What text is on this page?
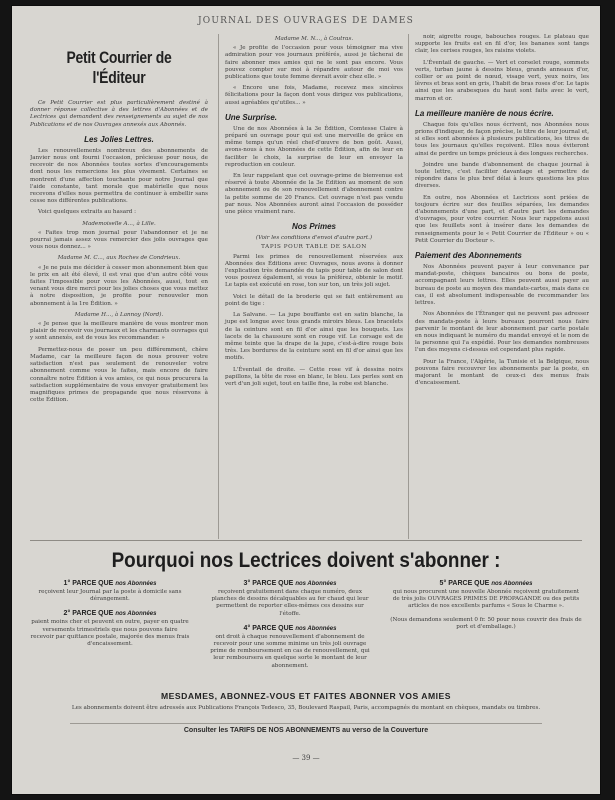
JOURNAL DES OUVRAGES DE DAMES
Petit Courrier de l'Éditeur
Ce Petit Courrier est plus particulièrement destiné à donner réponse collective à des lettres d'Abonnées et de Lectrices qui demandent des renseignements au sujet de nos Publications et de nos Ouvrages annexés aux Abonnés.
Les Jolies Lettres.
Les renouvellements nombreux des abonnements de Janvier nous ont fourni l'occasion, précieuse pour nous, de recevoir de nos Abonnées toutes sortes d'encouragements dont nous les remercions les plus vivement. Certaines se montrent d'une affection touchante pour notre Journal que l'aide constante, tant morale que matérielle que nous recevons d'elles nous permettra de continuer à embellir sans cesse nos différentes publications.
Voici quelques extraits au hasard :
Mademoiselle A..., à Lille.
« Faites trop mon journal pour l'abandonner et je ne pourrai jamais assez vous remercier des jolis ouvrages que vous nous donnez... »
Madame M. C..., aux Roches de Condrieux.
« Je ne puis me décider à cesser mon abonnement bien que le prix en ait été élevé, il est vrai que d'un autre côté vous faites l'impossible pour vous les Abonnées, aussi, tout en venant vous dire merci pour les jolies choses que vous mettez à notre disposition, je profite pour renouveler mon abonnement à la 1re Édition. »
Madame H..., à Lannoy (Nord).
« Je pense que la meilleure manière de vous montrer mon plaisir de recevoir vos journaux et les charmants ouvrages qui y sont annexés, est de vous les recommander. »
Permettez-nous de poser un peu différemment, chère Madame, car la meilleure façon de nous prouver votre satisfaction n'est pas seulement de renouveler votre abonnement comme vous le faites, mais encore de faire connaître notre Édition à vos amies, ce qui nous procurera la satisfaction supplémentaire de vous envoyer gratuitement les magnifiques primes de propagande que nous réservons à cette Édition.
Madame M. N..., à Coutras.
« Je profite de l'occasion pour vous témoigner ma vive admiration pour vos journaux préférés, aussi je tâcherai de faire abonner mes amies qui ne le sont pas encore. Vous pouvez compter sur moi à répandre autour de moi vos publications que toute femme devrait avoir chez elle. »
« Encore une fois, Madame, recevez mes sincères félicitations pour la façon dont vous dirigez vos publications, aussi agréables qu'utiles... »
Une Surprise.
Une de nos Abonnées à la 3e Édition, Comtesse Claire à préparé un ouvrage pour qui est une merveille de grâce en même temps qu'un réel chef-d'œuvre de bon goût. Aussi, avons-nous à nos Abonnées de cette Édition, afin de leur en faciliter le choix, la surprise de leur en envoyer la reproduction en couleur.
En leur rappelant que cet ouvrage-prime de bienvenue est réservé à toute Abonnée de la 3e Édition au moment de son abonnement ou de son renouvellement d'abonnement contre la petite somme de 20 Francs. Cet ouvrage n'est pas vendu par nous. Nos Abonnées auront ainsi l'occasion de posséder une pièce vraiment rare.
Nos Primes
(Voir les conditions d'envoi d'autre part.)
TAPIS POUR TABLE DE SALON
Parmi les primes de renouvellement réservées aux Abonnées des Éditions avec Ouvrages, nous avons à donner l'explication très demandée du tapis pour table de salon dont vous pouvez également, si vous la préférez, obtenir le motif. Le tapis est exécuté en rose, ton sur ton, un très joli sujet.
Voici le détail de la broderie qui se fait entièrement au point de tige :
La Salvane. — La jupe bouffante est en satin blanche, la jupe est longue avec tous grands miroirs bleus. Les bracelets de la ceinture sont en fil d'or ainsi que les bouquets. Les lacets de la chaussure sont en rouge vif. Le corsage est de même teinte que la drape de la jupe, c'est-à-dire rouge bois très. Les bordures de la ceinture sont en fil d'or ainsi que les motifs.
L'Éventail de droite. — Cette rose vif à dessins noirs papillons, la tête de rose en blanc, le bleu. Les perles sont en vert d'un joli sujet, tout en taille fine, la robe est blanche.
noir, aigrette rouge, babouches rouges. Le plateau que supporte les fruits est en fil d'or, les bananes sont tangs clair, les cerises rouges, les raisins violets.
L'Éventail de gauche. — Vert et corselet rouge, sommets verts, turban jaune à dessins bleus, grands anneaux d'or, collier or au point de nœud, visage vert, yeux noirs, les lèvres et bras sont en gris, l'habit de bras roses d'or. Le tapis ainsi que les arabesques du haut sont faits avec le vert, marron et or.
La meilleure manière de nous écrire.
Chaque fois qu'elles nous écrivent, nos Abonnées nous prions d'indiquer, de façon précise, le titre de leur journal et, si elles sont abonnées à plusieurs publications, les titres de tous les journaux qu'elles reçoivent. Elles nous éviteront ainsi de perdre un temps précieux à des longues recherches.
Joindre une bande d'abonnement de chaque journal à toute lettre, c'est faciliter davantage et permettre de répondre dans le plus bref délai à leurs questions les plus diverses.
En outre, nos Abonnées et Lectrices sont priées de toujours écrire sur des feuilles séparées, les demandes d'abonnements d'une part, et d'autre part les demandes d'ouvrages, pour votre courrier. Nous leur rappelons aussi que les feuillets sont à insérer dans les demandes de renseignements pour le « Petit Courrier de l'Éditeur » ou « Petit Courrier du Docteur ».
Paiement des Abonnements
Nos Abonnées peuvent payer à leur convenance par mandat-poste, chèques bancaires ou bons de poste, accompagnant leurs lettres. Elles peuvent aussi payer au bureau de poste au moyen des mandats-cartes, mais dans ce cas, il est absolument indispensable de recommander les lettres.
Nos Abonnées de l'Étranger qui ne peuvent pas adresser des mandats-poste à leurs bureaux pourront nous faire parvenir le montant de leur abonnement par carte postale en nous indiquant le numéro du mandat envoyé et le nom de la personne qui l'a expédié. Pour les demandes nombreuses l'un des moyens ci-dessus est cependant plus rapide.
Pour la France, l'Algérie, la Tunisie et la Belgique, nous pouvons faire recouvrer les abonnements par la poste, en majorant le montant de ceux-ci des menus frais d'encaissement.
Pourquoi nos Lectrices doivent s'abonner :
1° PARCE QUE nos Abonnées
reçoivent leur Journal par la poste à domicile sans dérangement.
2° PARCE QUE nos Abonnées
paient moins cher et peuvent en outre, payer en quatre versements trimestriels que nous pouvons faire recevoir par quittance postale, majorée des menus frais d'encaissement.
3° PARCE QUE nos Abonnées
reçoivent gratuitement dans chaque numéro, deux planches de dessins décalquables au fer chaud qui leur permettent de reporter elles-mêmes ces dessins sur l'étoffe.
4° PARCE QUE nos Abonnées
ont droit à chaque renouvellement d'abonnement de recevoir pour une somme minime un très joli ouvrage prime de remboursement en cas de renouvellement, qui leur remboursera en quelque sorte le montant de leur abonnement.
5° PARCE QUE nos Abonnées
qui nous procurent une nouvelle Abonnée reçoivent gratuitement de très jolis OUVRAGES PRIMES DE PROPAGANDE ou des petits articles de nos excellents parfums « Sous le Charme ».
(Nous demandons seulement 0 fr. 50 pour nous couvrir des frais de port et d'emballage.)
MESDAMES, ABONNEZ-VOUS ET FAITES ABONNER VOS AMIES
Les abonnements doivent être adressés aux Publications François Tedesco, 35, Boulevard Raspail, Paris, accompagnés du montant en chèques, mandats ou timbres.
Consulter les TARIFS DE NOS ABONNEMENTS au verso de la Couverture
— 39 —
